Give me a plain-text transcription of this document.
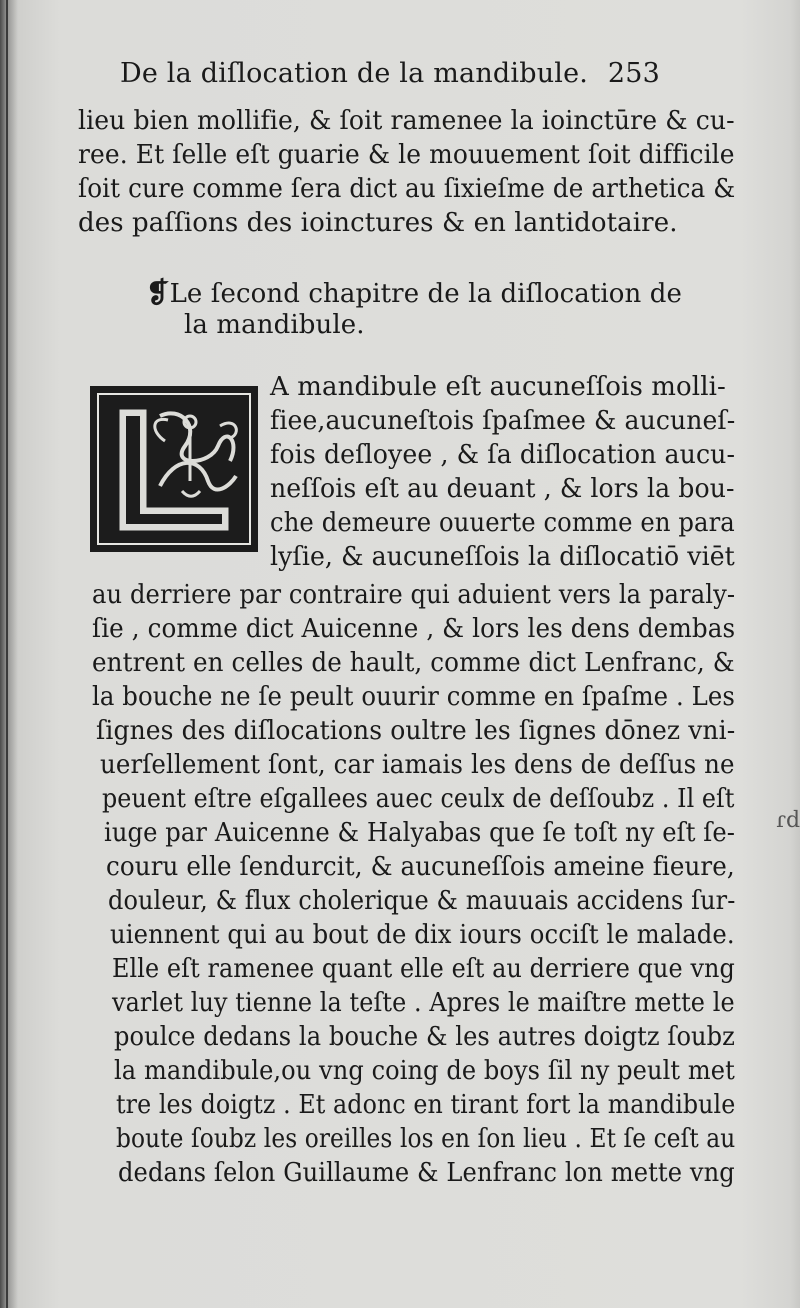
De la diſlocation de la mandibule. 253
lieu bien mollifie, & ſoit ramenee la ioinctūre & cu-
ree. Et ſelle eſt guarie & le mouuement ſoit difficile
ſoit cure comme ſera dict au ſixieſme de arthetica &
des paſſions des ioinctures & en lantidotaire.
❡Le ſecond chapitre de la diſlocation de
la mandibule.
A mandibule eſt aucuneſſois molli-
fiee,aucuneſtois ſpaſmee & aucuneſ-
fois deſloyee , & ſa diſlocation aucu-
neſſois eſt au deuant , & lors la bou-
che demeure ouuerte comme en para
lyſie, & aucuneſſois la diſlocatiō viēt
au derriere par contraire qui aduient vers la paraly-
ſie , comme dict Auicenne , & lors les dens dembas
entrent en celles de hault, comme dict Lenfranc, &
la bouche ne ſe peult ouurir comme en ſpaſme . Les
ſignes des diſlocations oultre les ſignes dōnez vni-
uerſellement ſont, car iamais les dens de deſſus ne
peuent eſtre eſgallees auec ceulx de deſſoubz . Il eſt
iuge par Auicenne & Halyabas que ſe toſt ny eſt ſe-
couru elle ſendurcit, & aucuneſſois ameine fieure,
douleur, & flux cholerique & mauuais accidens ſur-
uiennent qui au bout de dix iours occiſt le malade.
Elle eſt ramenee quant elle eſt au derriere que vng
varlet luy tienne la teſte . Apres le maiſtre mette le
poulce dedans la bouche & les autres doigtz ſoubz
la mandibule,ou vng coing de boys ſil ny peult met
tre les doigtz . Et adonc en tirant fort la mandibule
boute ſoubz les oreilles los en ſon lieu . Et ſe ceſt au
dedans ſelon Guillaume & Lenfranc lon mette vng
ɾd
